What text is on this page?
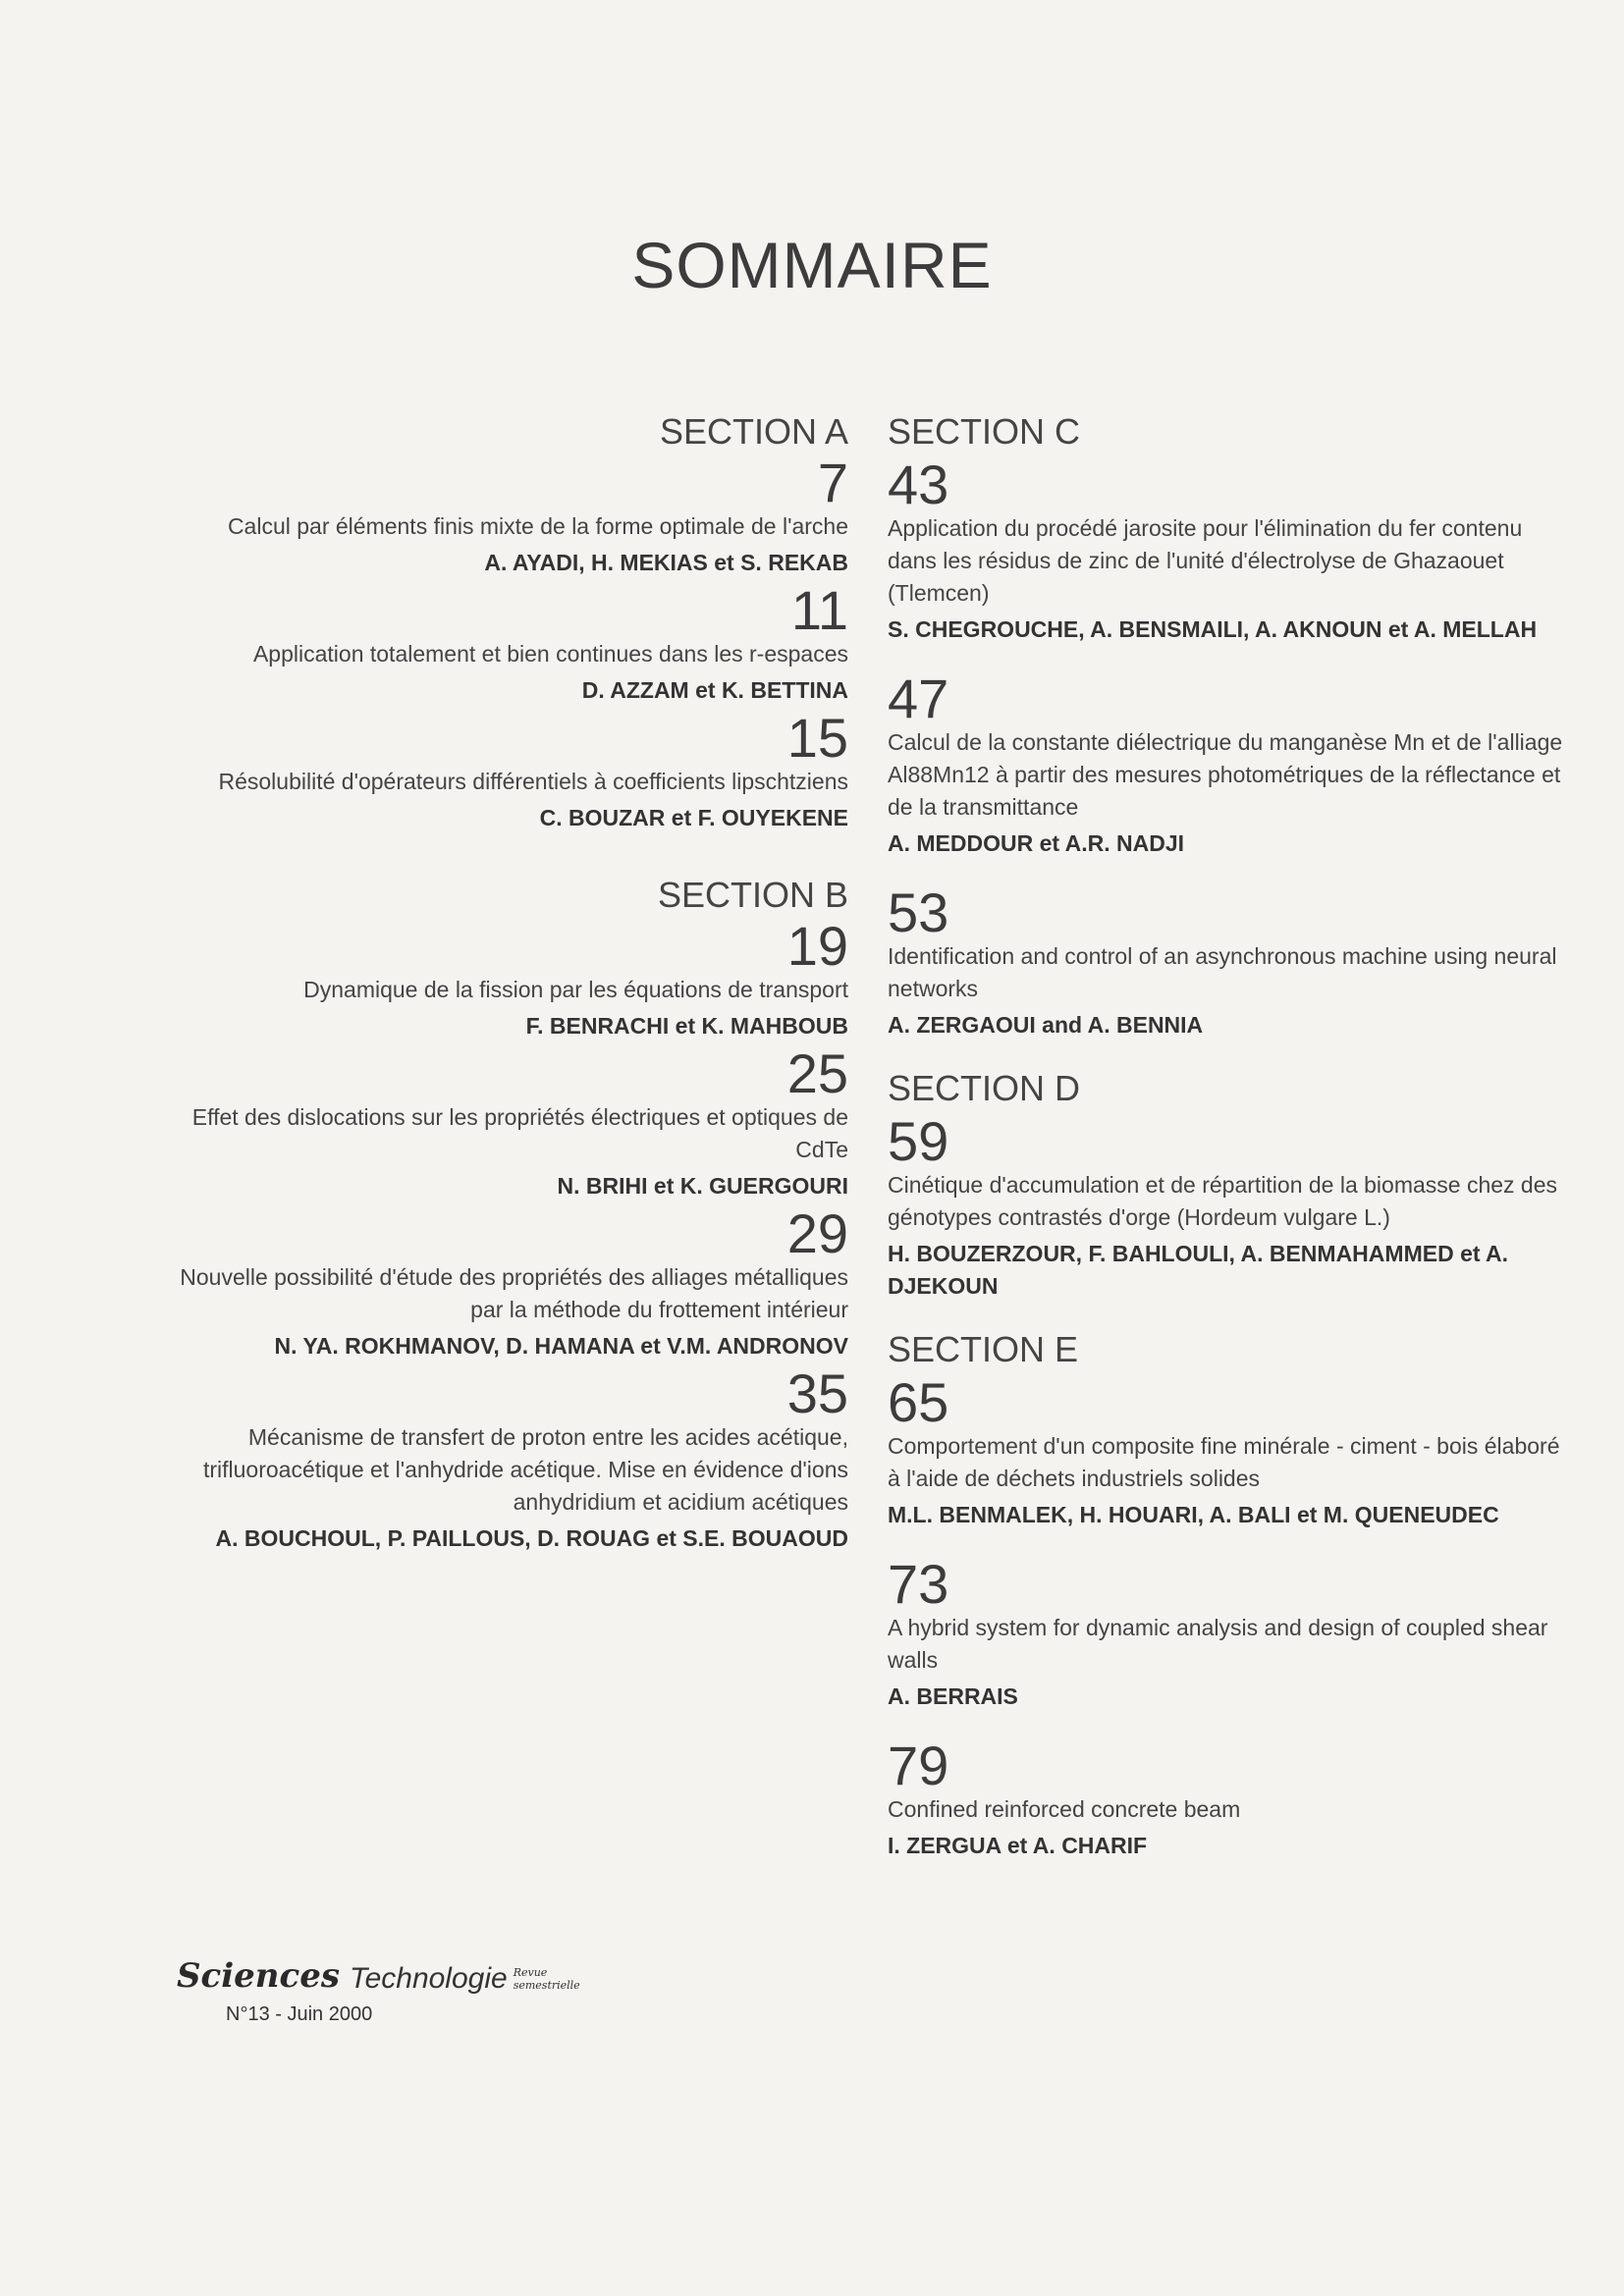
SOMMAIRE
SECTION A
7
Calcul par éléments finis mixte de la forme optimale de l'arche
A. AYADI, H. MEKIAS et S. REKAB
11
Application totalement et bien continues dans les r-espaces
D. AZZAM et K. BETTINA
15
Résolubilité d'opérateurs différentiels à coefficients lipschtziens
C. BOUZAR et F. OUYEKENE
SECTION B
19
Dynamique de la fission par les équations de transport
F. BENRACHI et K. MAHBOUB
25
Effet des dislocations sur les propriétés électriques et optiques de CdTe
N. BRIHI et K. GUERGOURI
29
Nouvelle possibilité d'étude des propriétés des alliages métalliques par la méthode du frottement intérieur
N. YA. ROKHMANOV, D. HAMANA et V.M. ANDRONOV
35
Mécanisme de transfert de proton entre les acides acétique, trifluoroacétique et l'anhydride acétique. Mise en évidence d'ions anhydridium et acidium acétiques
A. BOUCHOUL, P. PAILLOUS, D. ROUAG et S.E. BOUAOUD
SECTION C
43
Application du procédé jarosite pour l'élimination du fer contenu dans les résidus de zinc de l'unité d'électrolyse de Ghazaouet (Tlemcen)
S. CHEGROUCHE, A. BENSMAILI, A. AKNOUN et A. MELLAH
47
Calcul de la constante diélectrique du manganèse Mn et de l'alliage Al88Mn12 à partir des mesures photométriques de la réflectance et de la transmittance
A. MEDDOUR et A.R. NADJI
53
Identification and control of an asynchronous machine using neural networks
A. ZERGAOUI and A. BENNIA
SECTION D
59
Cinétique d'accumulation et de répartition de la biomasse chez des génotypes contrastés d'orge (Hordeum vulgare L.)
H. BOUZERZOUR, F. BAHLOULI, A. BENMAHAMMED et A. DJEKOUN
SECTION E
65
Comportement d'un composite fine minérale - ciment - bois élaboré à l'aide de déchets industriels solides
M.L. BENMALEK, H. HOUARI, A. BALI et M. QUENEUDEC
73
A hybrid system for dynamic analysis and design of coupled shear walls
A. BERRAIS
79
Confined reinforced concrete beam
I. ZERGUA et A. CHARIF
Sciences Technologie Revue semestrielle
N°13 - Juin 2000
